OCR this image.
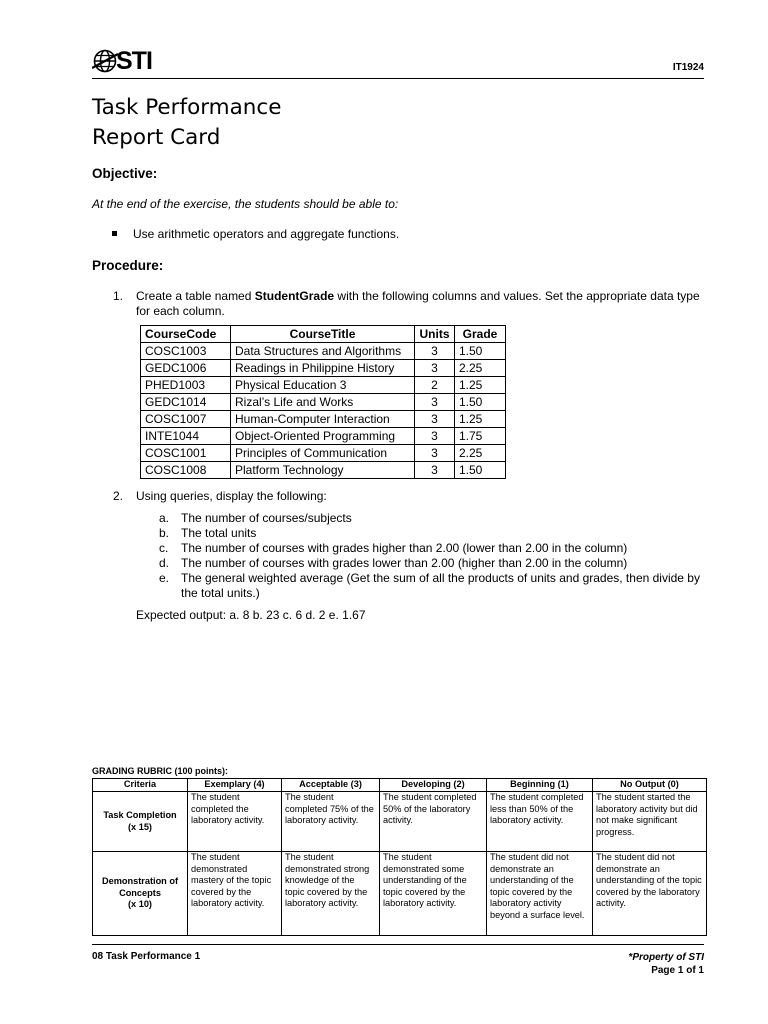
STI	IT1924
Task Performance
Report Card
Objective:
At the end of the exercise, the students should be able to:
Use arithmetic operators and aggregate functions.
Procedure:
1. Create a table named StudentGrade with the following columns and values. Set the appropriate data type for each column.
CourseCode	CourseTitle	Units	Grade
COSC1003	Data Structures and Algorithms	3	1.50
GEDC1006	Readings in Philippine History	3	2.25
PHED1003	Physical Education 3	2	1.25
GEDC1014	Rizal’s Life and Works	3	1.50
COSC1007	Human-Computer Interaction	3	1.25
INTE1044	Object-Oriented Programming	3	1.75
COSC1001	Principles of Communication	3	2.25
COSC1008	Platform Technology	3	1.50
2. Using queries, display the following:
a. The number of courses/subjects
b. The total units
c. The number of courses with grades higher than 2.00 (lower than 2.00 in the column)
d. The number of courses with grades lower than 2.00 (higher than 2.00 in the column)
e. The general weighted average (Get the sum of all the products of units and grades, then divide by the total units.)
Expected output: a. 8 b. 23 c. 6 d. 2 e. 1.67
GRADING RUBRIC (100 points):
Criteria	Exemplary (4)	Acceptable (3)	Developing (2)	Beginning (1)	No Output (0)

Task Completion
(x 15)	The student completed the laboratory activity.	The student completed 75% of the laboratory activity.	The student completed 50% of the laboratory activity.	The student completed less than 50% of the laboratory activity.	The student started the laboratory activity but did not make significant progress.

Demonstration of Concepts
(x 10)	The student demonstrated mastery of the topic covered by the laboratory activity.	The student demonstrated strong knowledge of the topic covered by the laboratory activity.	The student demonstrated some understanding of the topic covered by the laboratory activity.	The student did not demonstrate an understanding of the topic covered by the laboratory activity beyond a surface level.	The student did not demonstrate an understanding of the topic covered by the laboratory activity.
08 Task Performance 1	*Property of STI
Page 1 of 1
